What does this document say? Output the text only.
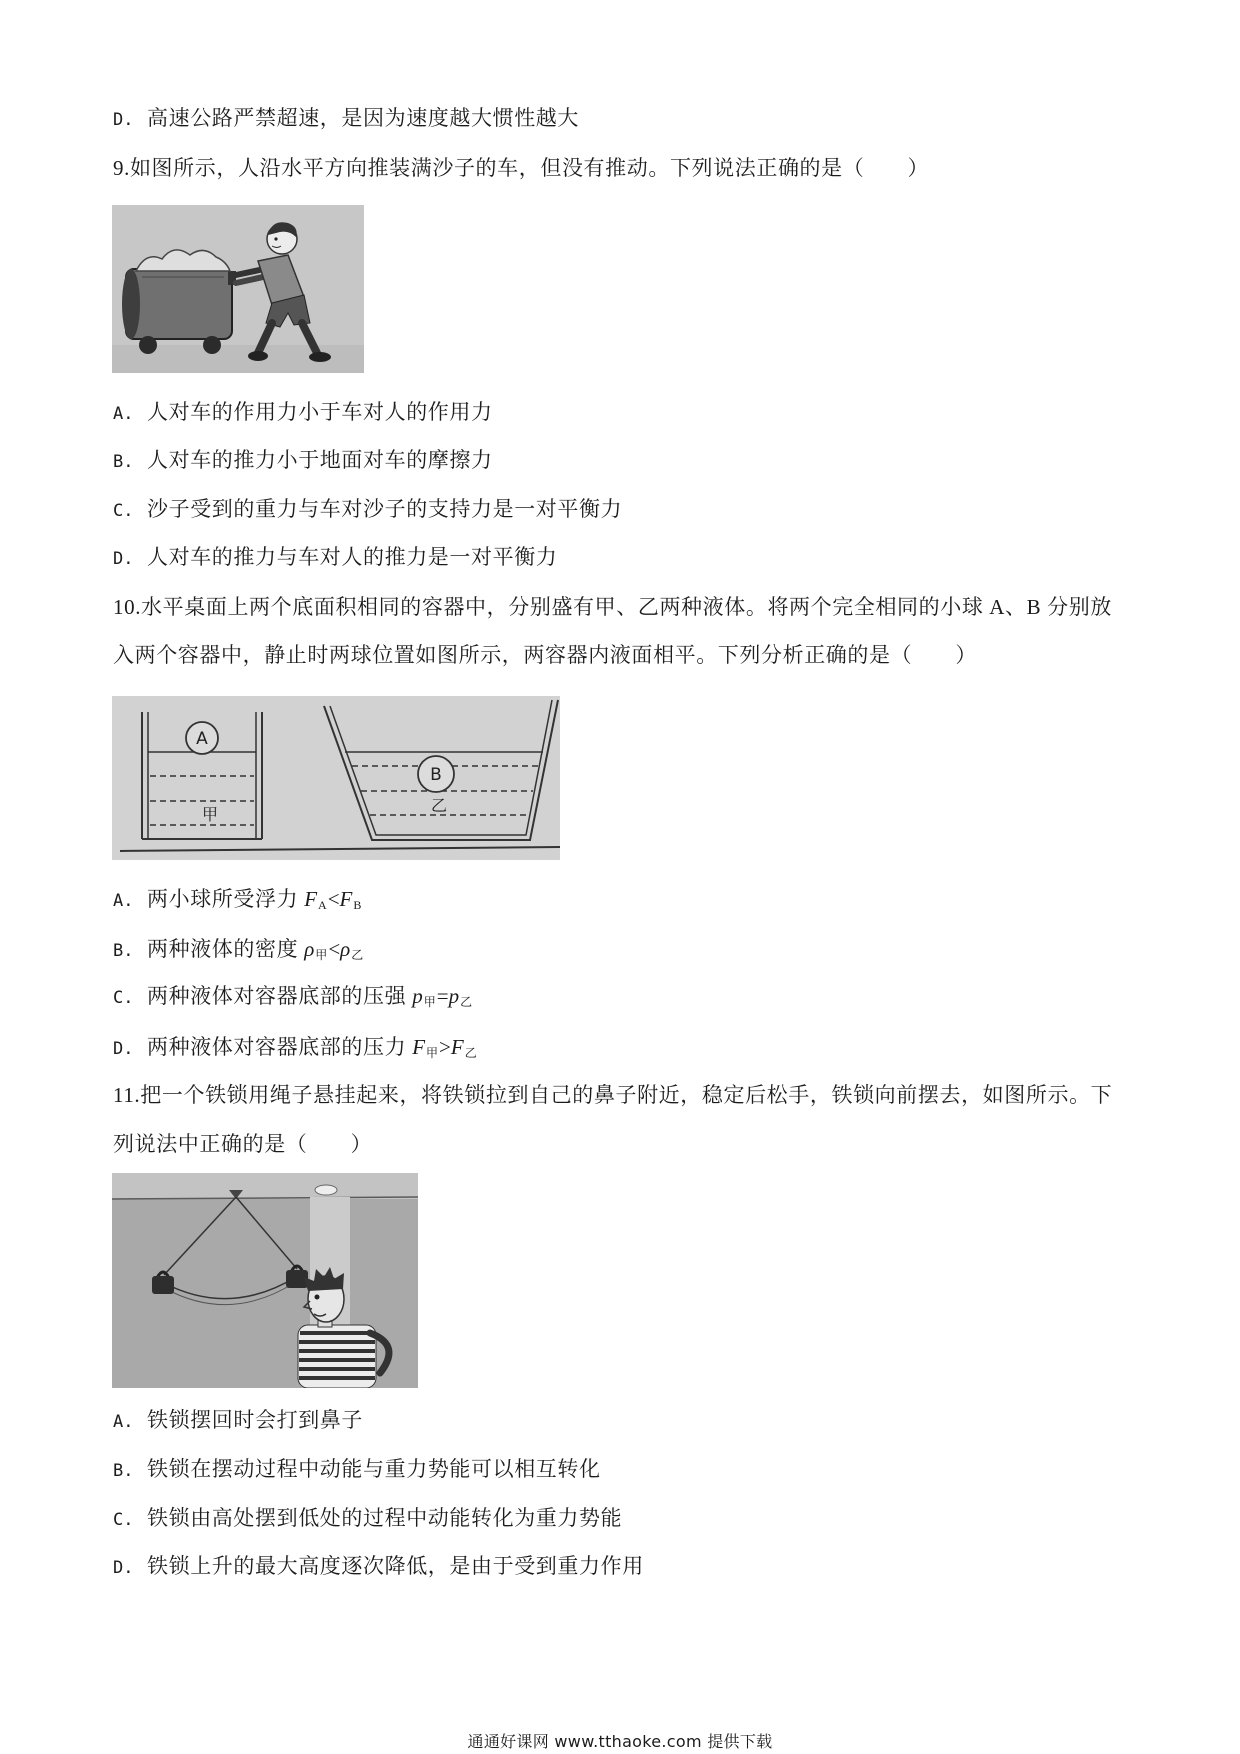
D. 高速公路严禁超速，是因为速度越大惯性越大
9.如图所示，人沿水平方向推装满沙子的车，但没有推动。下列说法正确的是（　　）
A. 人对车的作用力小于车对人的作用力
B. 人对车的推力小于地面对车的摩擦力
C. 沙子受到的重力与车对沙子的支持力是一对平衡力
D. 人对车的推力与车对人的推力是一对平衡力
10.水平桌面上两个底面积相同的容器中，分别盛有甲、乙两种液体。将两个完全相同的小球 A、B 分别放
入两个容器中，静止时两球位置如图所示，两容器内液面相平。下列分析正确的是（　　）
A
甲
B
乙
A. 两小球所受浮力 $F_A<F_B$
B. 两种液体的密度 $\rho_甲<\rho_乙$
C. 两种液体对容器底部的压强 $p_甲=p_乙$
D. 两种液体对容器底部的压力 $F_甲>F_乙$
11.把一个铁锁用绳子悬挂起来，将铁锁拉到自己的鼻子附近，稳定后松手，铁锁向前摆去，如图所示。下
列说法中正确的是（　　）
A. 铁锁摆回时会打到鼻子
B. 铁锁在摆动过程中动能与重力势能可以相互转化
C. 铁锁由高处摆到低处的过程中动能转化为重力势能
D. 铁锁上升的最大高度逐次降低，是由于受到重力作用
通通好课网 www.tthaoke.com 提供下载
